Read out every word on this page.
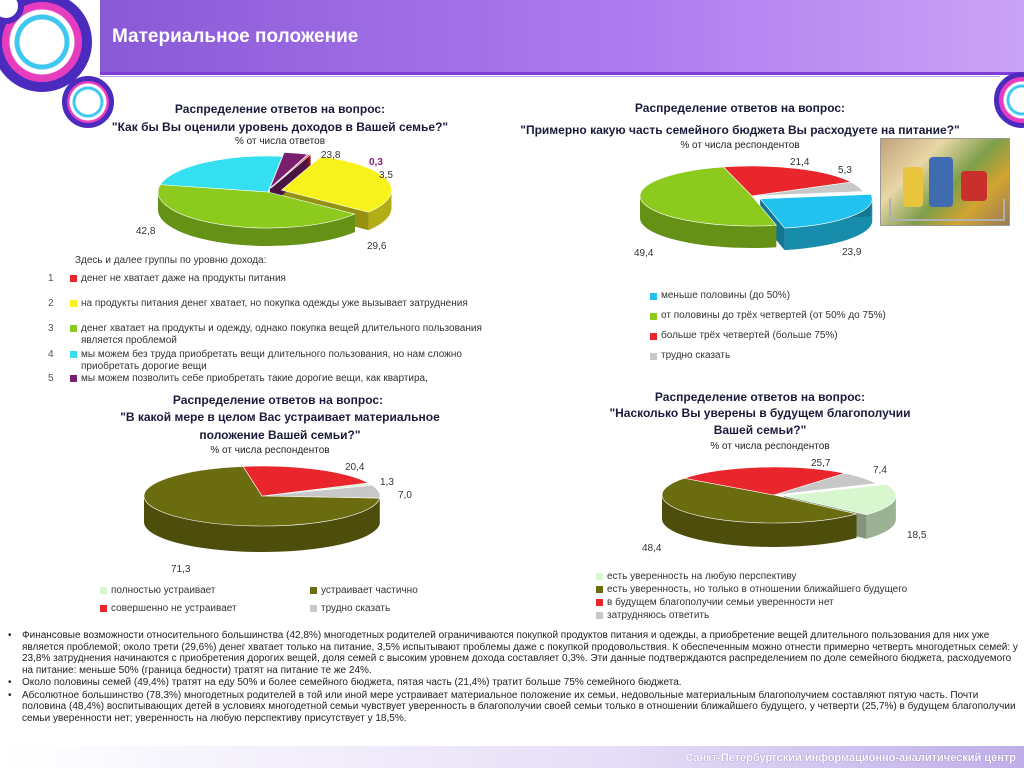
Материальное положение
Распределение ответов на вопрос:
"Как бы Вы оценили уровень доходов в Вашей семье?"
% от числа ответов
23,8
0,3
3,5
42,8
29,6
Здесь и далее группы по уровню дохода:
1	денег не хватает даже на продукты питания
2	на продукты питания денег хватает, но покупка одежды уже вызывает затруднения
3	денег хватает на продукты и одежду, однако покупка вещей длительного пользования является проблемой
4	мы можем без труда приобретать вещи длительного пользования, но нам сложно приобретать дорогие вещи
5	мы можем позволить себе приобретать такие дорогие вещи, как квартира,
Распределение ответов на вопрос:
"Примерно какую часть семейного бюджета Вы расходуете на питание?"
% от числа респондентов
21,4
5,3
49,4	23,9
меньше половины (до 50%)
от половины до трёх четвертей (от 50% до 75%)
больше трёх четвертей (больше 75%)
трудно сказать
Распределение ответов на вопрос:
"В какой мере в целом Вас устраивает материальное
положение Вашей семьи?"
% от числа респондентов
20,4
1,3
7,0
71,3
полностью устраивает	устраивает частично
совершенно не устраивает	трудно сказать
Распределение ответов на вопрос:
"Насколько Вы уверены в будущем благополучии
Вашей семьи?"
% от числа респондентов
25,7
7,4
48,4
18,5
есть уверенность на любую перспективу
есть уверенность, но только в отношении ближайшего будущего
в будущем благополучии семьи уверенности нет
затрудняюсь ответить

• Финансовые возможности относительного большинства (42,8%) многодетных родителей ограничиваются покупкой продуктов питания и одежды, а приобретение вещей длительного пользования для них уже является проблемой; около трети (29,6%) денег хватает только на питание, 3,5% испытывают проблемы даже с покупкой продовольствия. К обеспеченным можно отнести примерно четверть многодетных семей: у 23,8% затруднения начинаются с приобретения дорогих вещей, доля семей с высоким уровнем дохода составляет 0,3%. Эти данные подтверждаются распределением по доле семейного бюджета, расходуемого на питание: меньше 50% (граница бедности) тратят на питание те же 24%.

• Около половины семей (49,4%) тратят на еду 50% и более семейного бюджета, пятая часть (21,4%) тратит больше 75% семейного бюджета.

• Абсолютное большинство (78,3%) многодетных родителей в той или иной мере устраивает материальное положение их семьи, недовольные материальным благополучием составляют пятую часть. Почти половина (48,4%) воспитывающих детей в условиях многодетной семьи чувствует уверенность в благополучии своей семьи только в отношении ближайшего будущего, у четверти (25,7%) в будущем благополучии семьи уверенности нет; уверенность на любую перспективу присутствует у 18,5%.

Санкт-Петербургский информационно-аналитический центр
